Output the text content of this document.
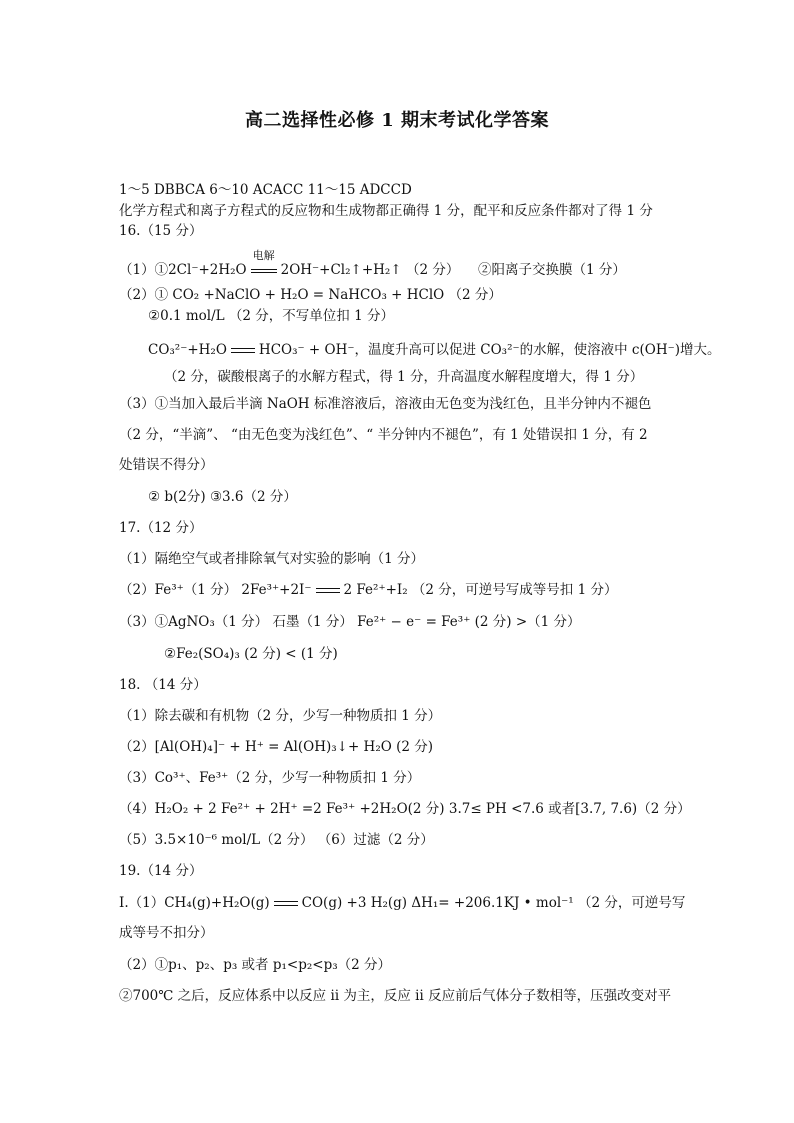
高二选择性必修 1 期末考试化学答案
1～5 DBBCA 6～10 ACACC 11～15 ADCCD
化学方程式和离子方程式的反应物和生成物都正确得 1 分，配平和反应条件都对了得 1 分
16.（15 分）
（1）①2Cl⁻+2H₂O
电解
2OH⁻+Cl₂↑+H₂↑ （2 分） ②阳离子交换膜（1 分）
（2）① CO₂ +NaClO + H₂O = NaHCO₃ + HClO （2 分）
②0.1 mol/L （2 分，不写单位扣 1 分）
CO₃²⁻+H₂O HCO₃⁻ + OH⁻，温度升高可以促进 CO₃²⁻的水解，使溶液中 c(OH⁻)增大。
（2 分，碳酸根离子的水解方程式，得 1 分，升高温度水解程度增大，得 1 分）
（3）①当加入最后半滴 NaOH 标准溶液后，溶液由无色变为浅红色，且半分钟内不褪色
（2 分，“半滴”、 “由无色变为浅红色”、“ 半分钟内不褪色”，有 1 处错误扣 1 分，有 2
处错误不得分）
② b(2分) ③3.6（2 分）
17.（12 分）
（1）隔绝空气或者排除氧气对实验的影响（1 分）
（2）Fe³⁺（1 分） 2Fe³⁺+2I⁻ 2 Fe²⁺+I₂ （2 分，可逆号写成等号扣 1 分）
（3）①AgNO₃（1 分） 石墨（1 分） Fe²⁺ − e⁻ = Fe³⁺ (2 分) >（1 分）
②Fe₂(SO₄)₃ (2 分) < (1 分)
18. （14 分）
（1）除去碳和有机物（2 分，少写一种物质扣 1 分）
（2）[Al(OH)₄]⁻ + H⁺ = Al(OH)₃↓+ H₂O (2 分)
（3）Co³⁺、Fe³⁺（2 分，少写一种物质扣 1 分）
（4）H₂O₂ + 2 Fe²⁺ + 2H⁺ =2 Fe³⁺ +2H₂O(2 分) 3.7≤ PH <7.6 或者[3.7, 7.6)（2 分）
（5）3.5×10⁻⁶ mol/L（2 分） （6）过滤（2 分）
19.（14 分）
Ⅰ.（1）CH₄(g)+H₂O(g) CO(g) +3 H₂(g) ΔH₁= +206.1KJ • mol⁻¹ （2 分，可逆号写
成等号不扣分）
（2）①p₁、p₂、p₃ 或者 p₁<p₂<p₃（2 分）
②700℃ 之后，反应体系中以反应 ⅱ 为主，反应 ⅱ 反应前后气体分子数相等，压强改变对平
